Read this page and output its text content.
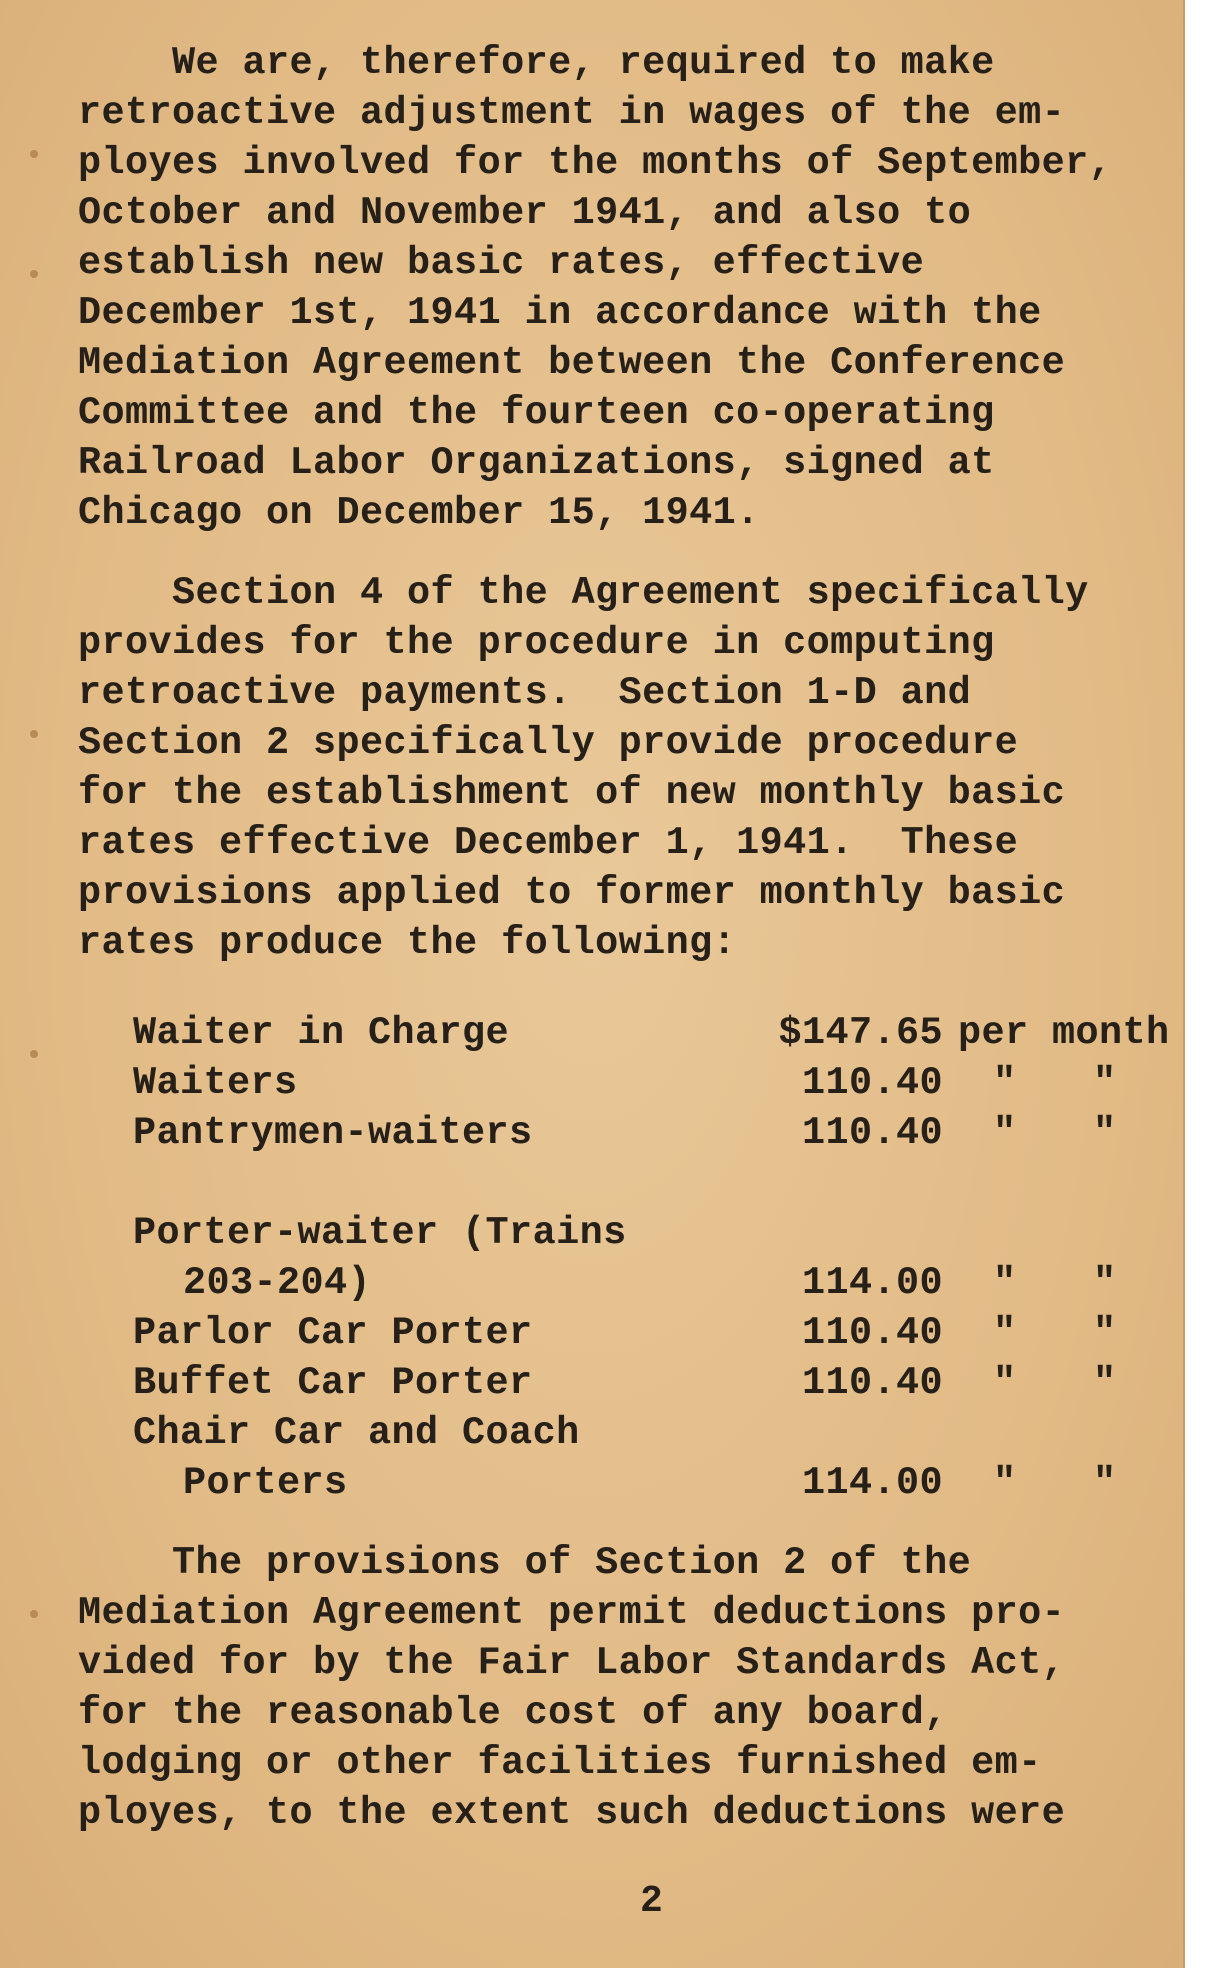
We are, therefore, required to make
retroactive adjustment in wages of the em-
ployes involved for the months of September,
October and November 1941, and also to
establish new basic rates, effective
December 1st, 1941 in accordance with the
Mediation Agreement between the Conference
Committee and the fourteen co-operating
Railroad Labor Organizations, signed at
Chicago on December 15, 1941.
Section 4 of the Agreement specifically
provides for the procedure in computing
retroactive payments.  Section 1-D and
Section 2 specifically provide procedure
for the establishment of new monthly basic
rates effective December 1, 1941.  These
provisions applied to former monthly basic
rates produce the following:
Waiter in Charge	$147.65 per month
Waiters	110.40 " "
Pantrymen-waiters	110.40 " "
Porter-waiter (Trains
203-204)	114.00 " "
Parlor Car Porter	110.40 " "
Buffet Car Porter	110.40 " "
Chair Car and Coach
Porters	114.00 " "
The provisions of Section 2 of the
Mediation Agreement permit deductions pro-
vided for by the Fair Labor Standards Act,
for the reasonable cost of any board,
lodging or other facilities furnished em-
ployes, to the extent such deductions were
2
